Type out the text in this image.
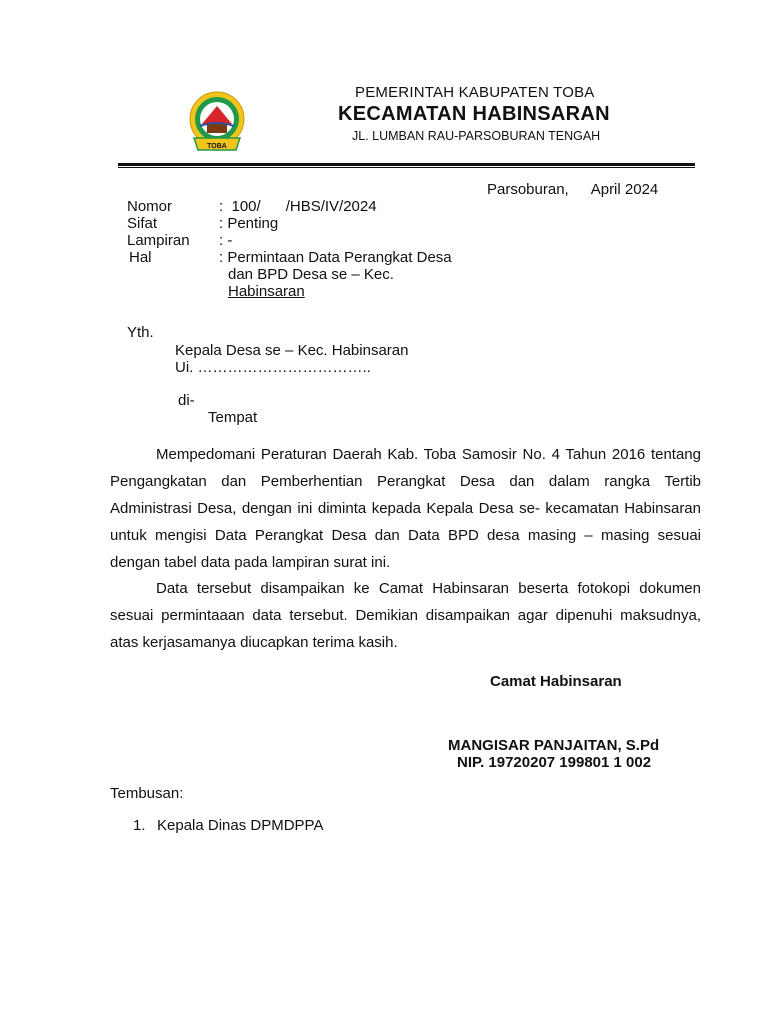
TOBA
PEMERINTAH KABUPATEN TOBA
KECAMATAN HABINSARAN
JL. LUMBAN RAU-PARSOBURAN TENGAH
Parsoburan, April 2024
Nomor	:  100/      /HBS/IV/2024
Sifat	: Penting
Lampiran	: -
Hal	: Permintaan Data Perangkat Desa
dan BPD Desa se – Kec.
Habinsaran
Yth.
Kepala Desa se – Kec. Habinsaran
Ui. ……………………………..
di-
Tempat

Mempedomani Peraturan Daerah Kab. Toba Samosir No. 4 Tahun 2016 tentang Pengangkatan dan Pemberhentian Perangkat Desa dan dalam rangka Tertib Administrasi Desa, dengan ini diminta kepada Kepala Desa se- kecamatan Habinsaran untuk mengisi Data Perangkat Desa dan Data BPD desa masing – masing sesuai dengan tabel data pada lampiran surat ini.

Data tersebut disampaikan ke Camat Habinsaran beserta fotokopi dokumen sesuai permintaaan data tersebut. Demikian disampaikan agar dipenuhi maksudnya, atas kerjasamanya diucapkan terima kasih.

Camat Habinsaran
MANGISAR PANJAITAN, S.Pd
NIP. 19720207 199801 1 002
Tembusan:
1. Kepala Dinas DPMDPPA
